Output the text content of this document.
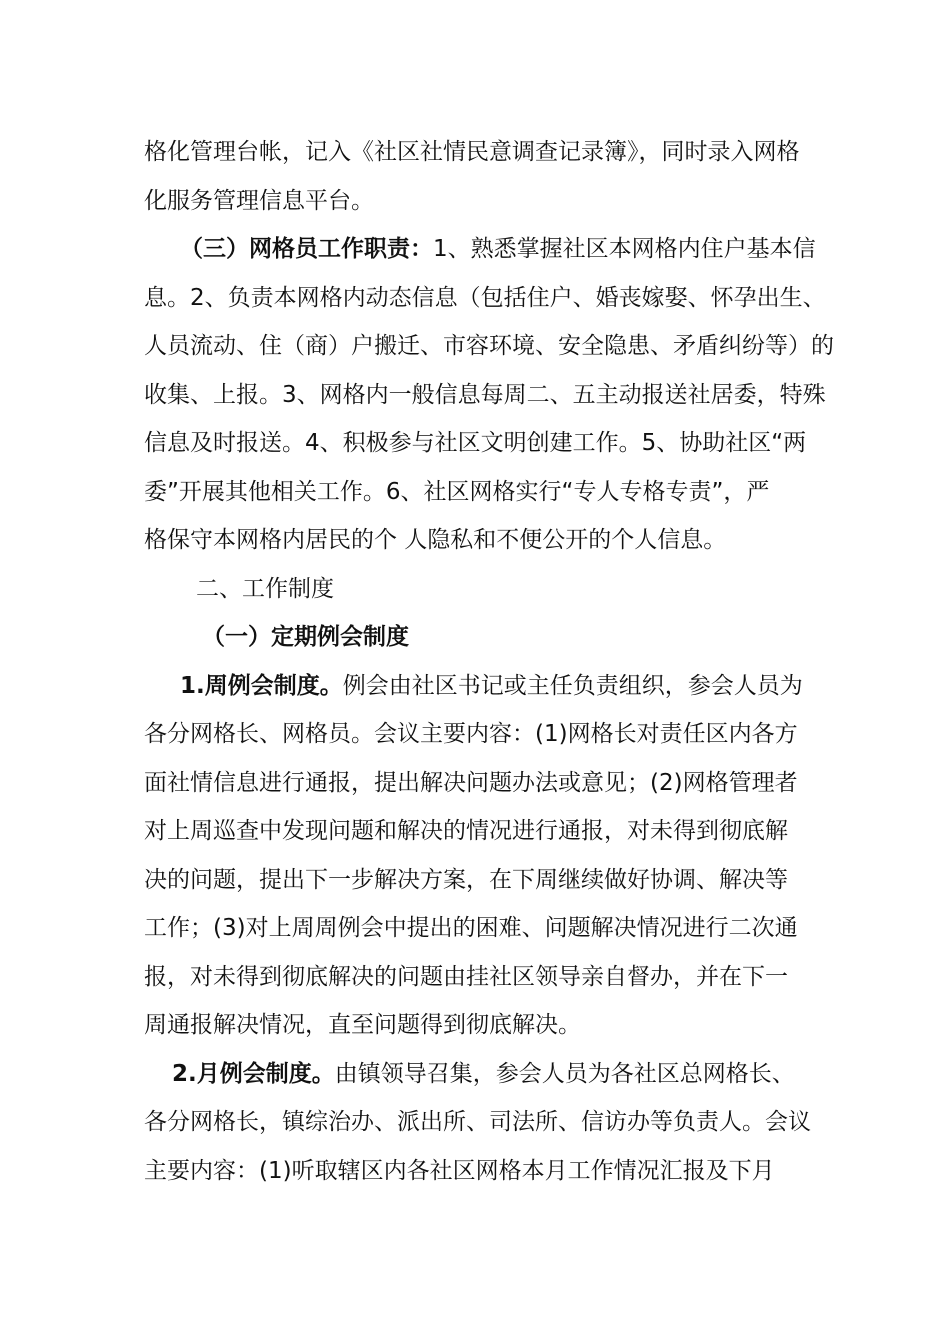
格化管理台帐，记入《社区社情民意调查记录簿》，同时录入网格
化服务管理信息平台。
（三）网格员工作职责：1、熟悉掌握社区本网格内住户基本信
息。2、负责本网格内动态信息（包括住户、婚丧嫁娶、怀孕出生、
人员流动、住（商）户搬迁、市容环境、安全隐患、矛盾纠纷等）的
收集、上报。3、网格内一般信息每周二、五主动报送社居委，特殊
信息及时报送。4、积极参与社区文明创建工作。5、协助社区“两
委”开展其他相关工作。6、社区网格实行“专人专格专责”，严
格保守本网格内居民的个 人隐私和不便公开的个人信息。
二、工作制度
（一）定期例会制度
1.周例会制度。例会由社区书记或主任负责组织，参会人员为
各分网格长、网格员。会议主要内容：(1)网格长对责任区内各方
面社情信息进行通报，提出解决问题办法或意见；(2)网格管理者
对上周巡查中发现问题和解决的情况进行通报，对未得到彻底解
决的问题，提出下一步解决方案，在下周继续做好协调、解决等
工作；(3)对上周周例会中提出的困难、问题解决情况进行二次通
报，对未得到彻底解决的问题由挂社区领导亲自督办，并在下一
周通报解决情况，直至问题得到彻底解决。
2.月例会制度。由镇领导召集，参会人员为各社区总网格长、
各分网格长，镇综治办、派出所、司法所、信访办等负责人。会议
主要内容：(1)听取辖区内各社区网格本月工作情况汇报及下月
